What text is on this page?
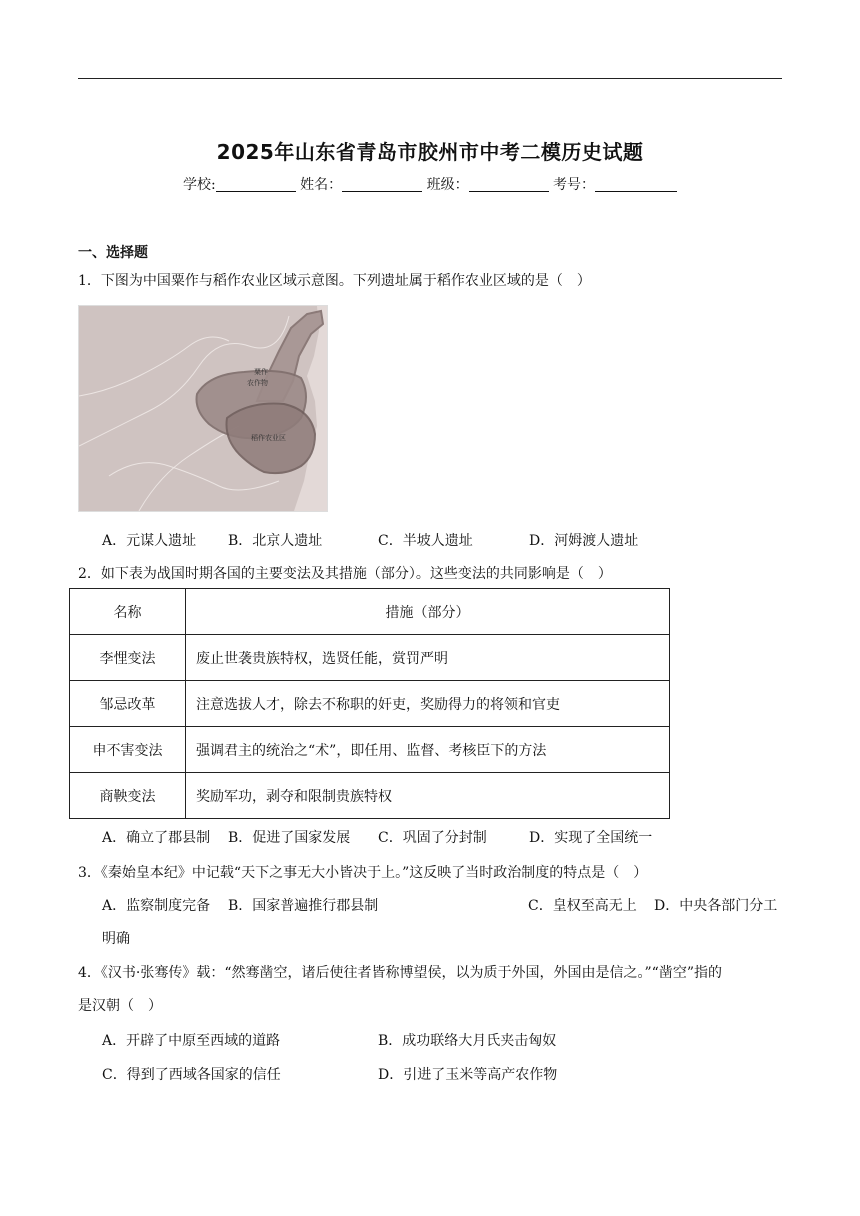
2025年山东省青岛市胶州市中考二模历史试题
学校:	姓名：	班级：	考号：
一、选择题
1．下图为中国粟作与稻作农业区域示意图。下列遗址属于稻作农业区域的是（　）
粟作
农作物
稻作农业区
A．元谋人遗址 B．北京人遗址	C．半坡人遗址	D．河姆渡人遗址
2．如下表为战国时期各国的主要变法及其措施（部分）。这些变法的共同影响是（　）
名称	措施（部分）
李悝变法	废止世袭贵族特权，选贤任能，赏罚严明
邹忌改革	注意选拔人才，除去不称职的奸吏，奖励得力的将领和官吏
申不害变法	强调君主的统治之“术”，即任用、监督、考核臣下的方法
商鞅变法	奖励军功，剥夺和限制贵族特权
A．确立了郡县制 B．促进了国家发展 C．巩固了分封制	D．实现了全国统一
3．《秦始皇本纪》中记载“天下之事无大小皆决于上。”这反映了当时政治制度的特点是（　）
A．监察制度完备 B．国家普遍推行郡县制	C．皇权至高无上 D．中央各部门分工
明确
4．《汉书·张骞传》载：“然骞凿空，诸后使往者皆称博望侯，以为质于外国，外国由是信之。”“凿空”指的
是汉朝（　）
A．开辟了中原至西域的道路	B．成功联络大月氏夹击匈奴
C．得到了西域各国家的信任	D．引进了玉米等高产农作物
